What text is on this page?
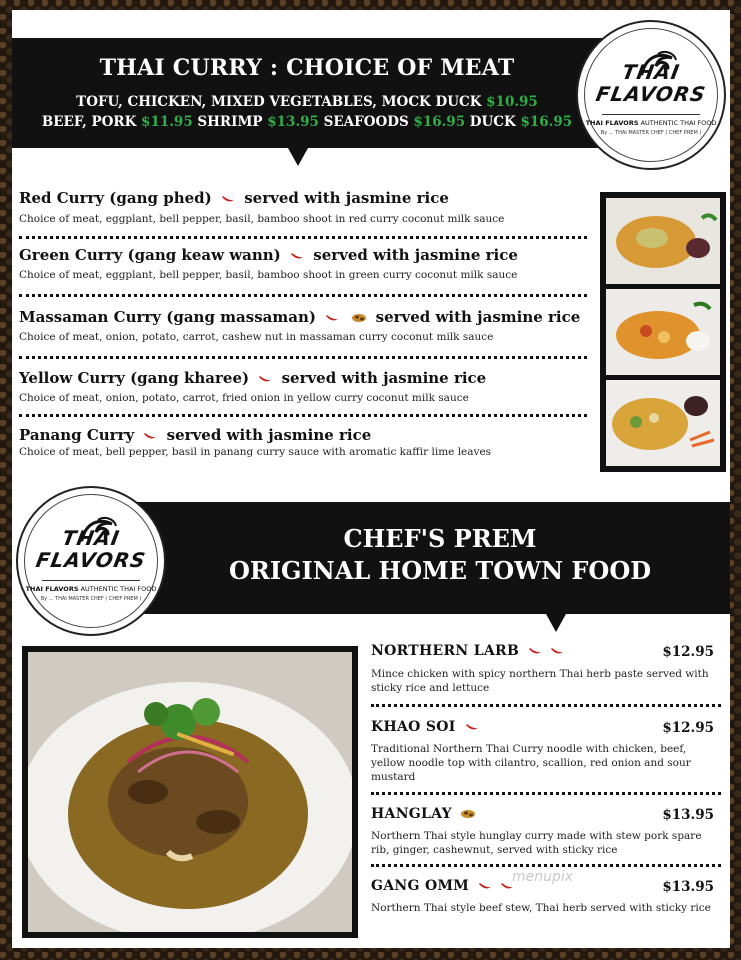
THAI CURRY : CHOICE OF MEAT
TOFU, CHICKEN, MIXED VEGETABLES, MOCK DUCK $10.95
BEEF, PORK $11.95 SHRIMP $13.95 SEAFOODS $16.95 DUCK $16.95
THAI
FLAVORS
THAI FLAVORS AUTHENTIC THAI FOOD
By ... THAI MASTER CHEF ( CHEF PREM )
Red Curry (gang phed) served with jasmine rice
Choice of meat, eggplant, bell pepper, basil, bamboo shoot in red curry coconut milk sauce
Green Curry (gang keaw wann) served with jasmine rice
Choice of meat, eggplant, bell pepper, basil, bamboo shoot in green curry coconut milk sauce
Massaman Curry (gang massaman)	served with jasmine rice
Choice of meat, onion, potato, carrot, cashew nut in massaman curry coconut milk sauce
Yellow Curry (gang kharee) served with jasmine rice
Choice of meat, onion, potato, carrot, fried onion in yellow curry coconut milk sauce
Panang Curry served with jasmine rice
Choice of meat, bell pepper, basil in panang curry sauce with aromatic kaffir lime leaves
CHEF'S PREM
ORIGINAL HOME TOWN FOOD
THAI
FLAVORS
THAI FLAVORS AUTHENTIC THAI FOOD
By ... THAI MASTER CHEF ( CHEF PREM )
NORTHERN LARB	$12.95
Mince chicken with spicy northern Thai herb paste served with sticky rice and lettuce
KHAO SOI	$12.95
Traditional Northern Thai Curry noodle with chicken, beef, yellow noodle top with cilantro, scallion, red onion and sour mustard
HANGLAY	$13.95
Northern Thai style hunglay curry made with stew pork spare rib, ginger, cashewnut, served with sticky rice
GANG OMM	$13.95
Northern Thai style beef stew, Thai herb served with sticky rice
menupix
